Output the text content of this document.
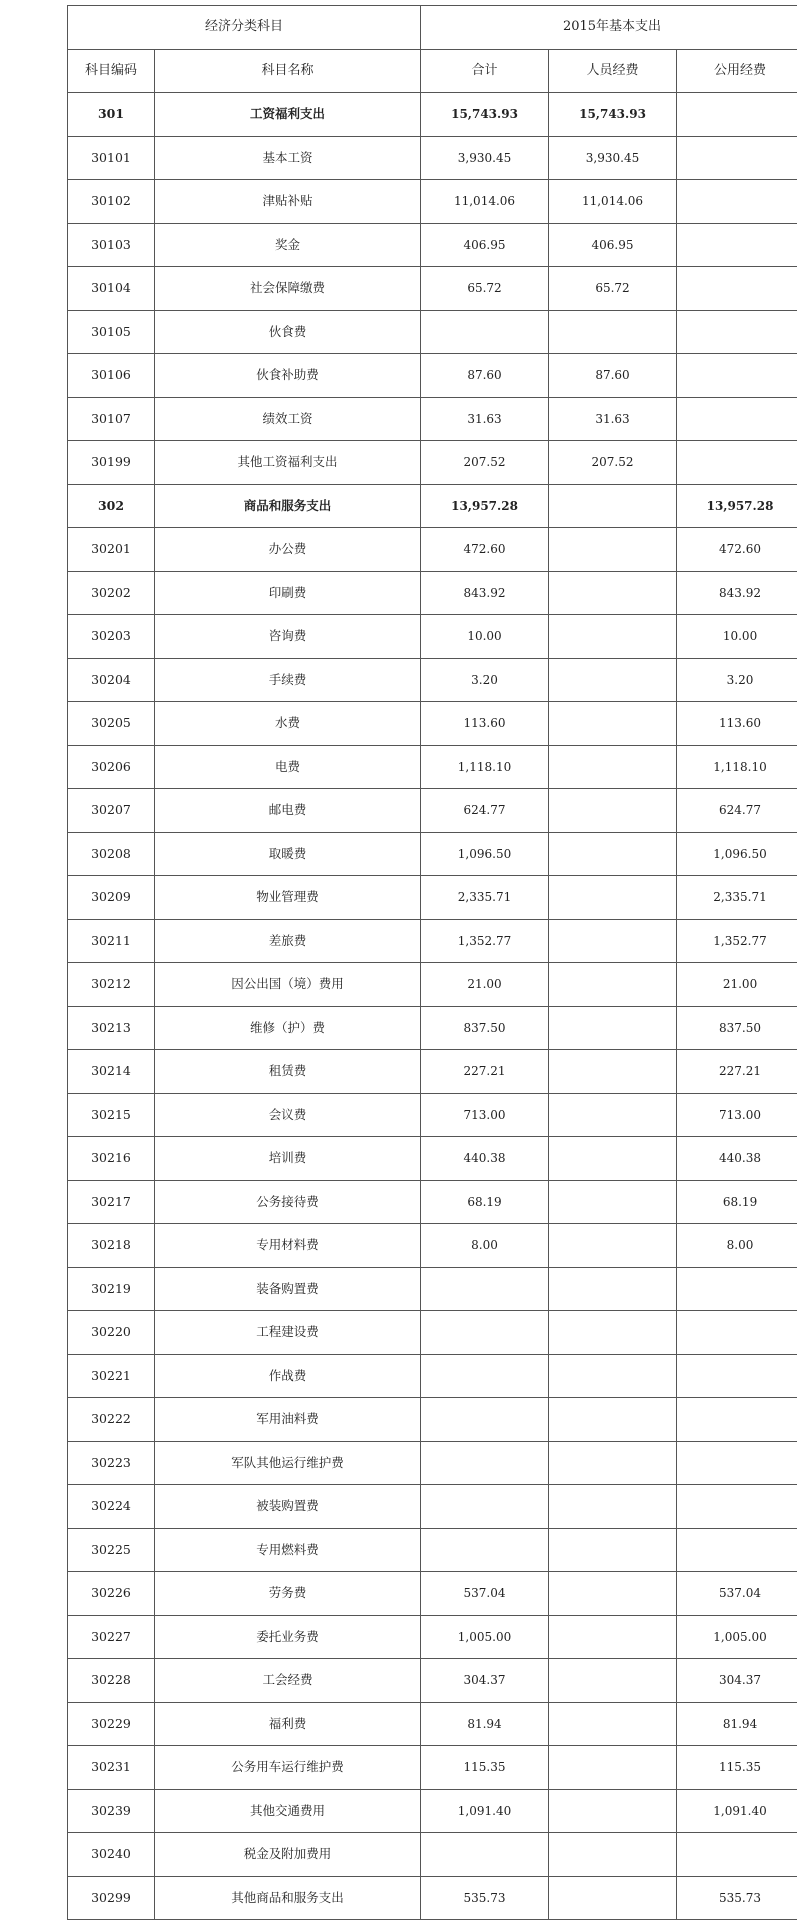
经济分类科目		2015年基本支出		
科目编码	科目名称	合计	人员经费	公用经费
301	工资福利支出	15,743.93	15,743.93	
30101	基本工资	3,930.45	3,930.45	
30102	津贴补贴	11,014.06	11,014.06	
30103	奖金	406.95	406.95	
30104	社会保障缴费	65.72	65.72	
30105	伙食费			
30106	伙食补助费	87.60	87.60	
30107	绩效工资	31.63	31.63	
30199	其他工资福利支出	207.52	207.52	
302	商品和服务支出	13,957.28		13,957.28
30201	办公费	472.60		472.60
30202	印刷费	843.92		843.92
30203	咨询费	10.00		10.00
30204	手续费	3.20		3.20
30205	水费	113.60		113.60
30206	电费	1,118.10		1,118.10
30207	邮电费	624.77		624.77
30208	取暖费	1,096.50		1,096.50
30209	物业管理费	2,335.71		2,335.71
30211	差旅费	1,352.77		1,352.77
30212	因公出国（境）费用	21.00		21.00
30213	维修（护）费	837.50		837.50
30214	租赁费	227.21		227.21
30215	会议费	713.00		713.00
30216	培训费	440.38		440.38
30217	公务接待费	68.19		68.19
30218	专用材料费	8.00		8.00
30219	装备购置费			
30220	工程建设费			
30221	作战费			
30222	军用油料费			
30223	军队其他运行维护费			
30224	被装购置费			
30225	专用燃料费			
30226	劳务费	537.04		537.04
30227	委托业务费	1,005.00		1,005.00
30228	工会经费	304.37		304.37
30229	福利费	81.94		81.94
30231	公务用车运行维护费	115.35		115.35
30239	其他交通费用	1,091.40		1,091.40
30240	税金及附加费用			
30299	其他商品和服务支出	535.73		535.73
